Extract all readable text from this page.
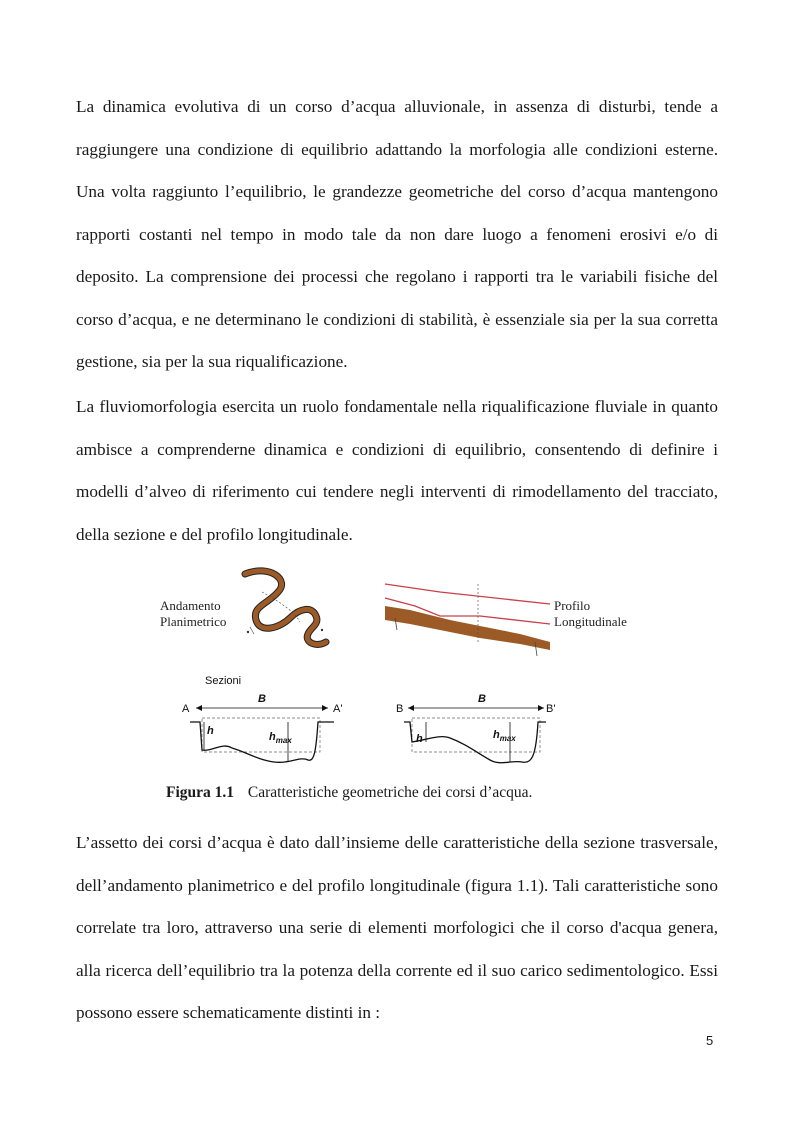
La dinamica evolutiva di un corso d’acqua alluvionale, in assenza di disturbi, tende a raggiungere una condizione di equilibrio adattando la morfologia alle condizioni esterne. Una volta raggiunto l’equilibrio, le grandezze geometriche del corso d’acqua mantengono rapporti costanti nel tempo in modo tale da non dare luogo a fenomeni erosivi e/o di deposito. La comprensione dei processi che regolano i rapporti tra le variabili fisiche del corso d’acqua, e ne determinano le condizioni di stabilità, è essenziale sia per la sua corretta gestione, sia per la sua riqualificazione.

La fluviomorfologia esercita un ruolo fondamentale nella riqualificazione fluviale in quanto ambisce a comprenderne dinamica e condizioni di equilibrio, consentendo di definire i modelli d’alveo di riferimento cui tendere negli interventi di rimodellamento del tracciato, della sezione e del profilo longitudinale.

Andamento
Planimetrico
Profilo
Longitudinale
Sezioni
A	A'
B
h	$h_{max}$
B	B'
B
h	$h_{max}$
Figura 1.1 Caratteristiche geometriche dei corsi d’acqua.

L’assetto dei corsi d’acqua è dato dall’insieme delle caratteristiche della sezione trasversale, dell’andamento planimetrico e del profilo longitudinale (figura 1.1). Tali caratteristiche sono correlate tra loro, attraverso una serie di elementi morfologici che il corso d'acqua genera, alla ricerca dell’equilibrio tra la potenza della corrente ed il suo carico sedimentologico. Essi possono essere schematicamente distinti in :

5
